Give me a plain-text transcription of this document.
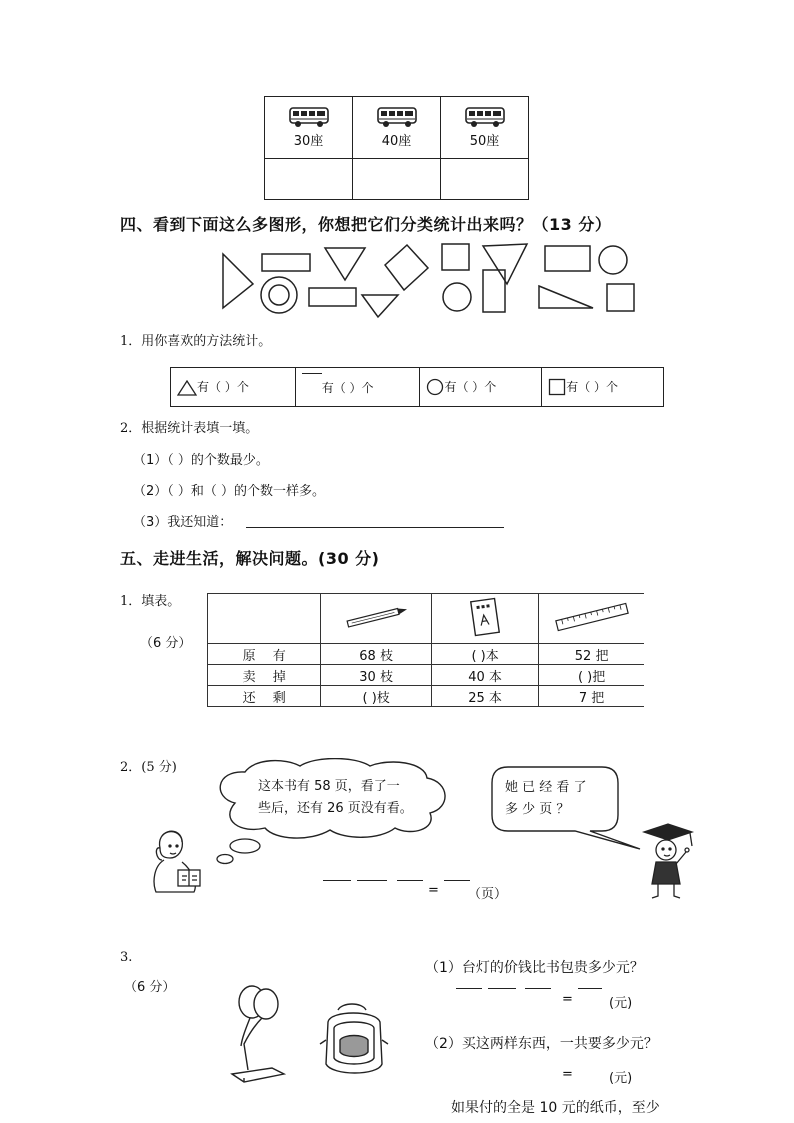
30座	40座	50座

四、看到下面这么多图形，你想把它们分类统计出来吗？（13 分）
1．用你喜欢的方法统计。
有（ ）个	有（ ）个	有（ ）个	有（ ）个
2．根据统计表填一填。
（1）（ ）的个数最少。
（2）（ ）和（ ）的个数一样多。
（3）我还知道：
五、走进生活，解决问题。(30 分)
1．填表。
（6 分）

原　 有	68 枝	( )本	52 把
卖　 掉	30 枝	40 本	( )把
还　 剩	( )枝	25 本	7 把
2．(5 分)
这本书有 58 页，看了一
些后，还有 26 页没有看。
她 已 经 看 了
多 少 页 ？
= （页）
3.
（6 分）
（1）台灯的价钱比书包贵多少元？
=	(元)
（2）买这两样东西，一共要多少元？
=	(元)
如果付的全是 10 元的纸币，至少
